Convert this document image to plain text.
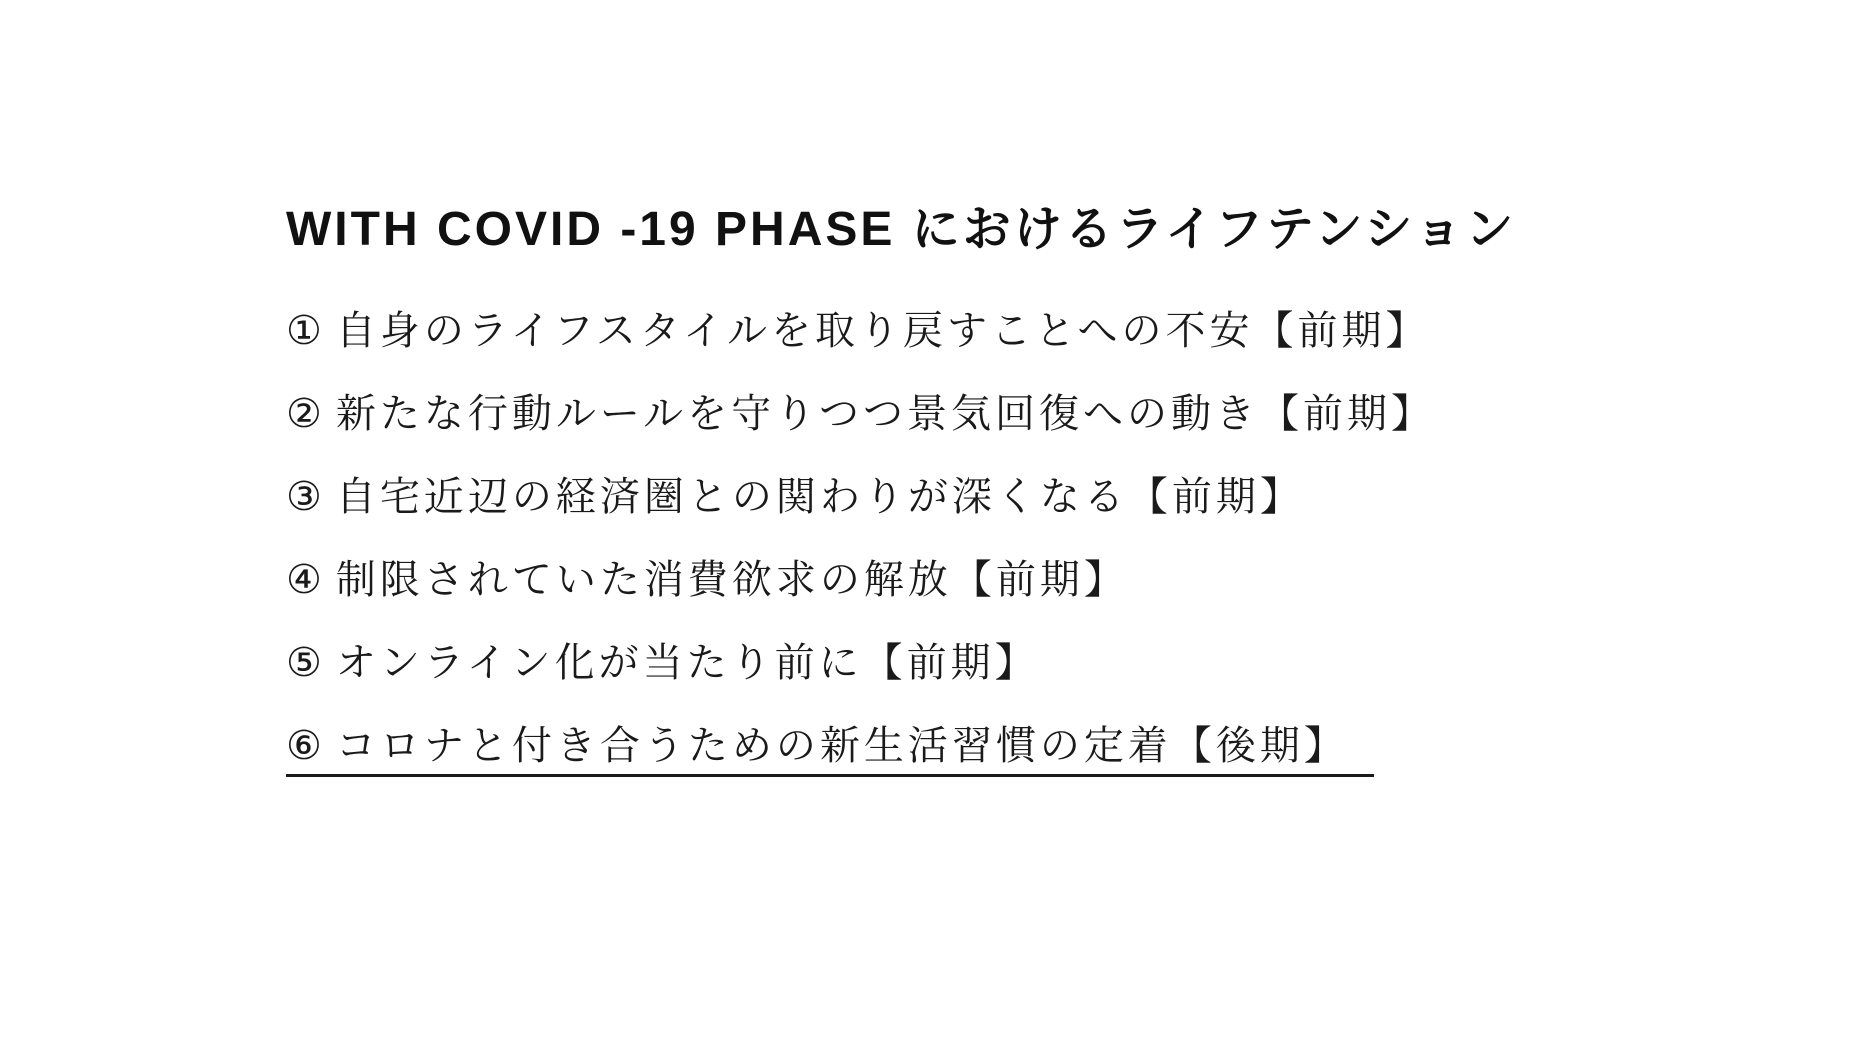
WITH COVID -19 PHASE におけるライフテンション
① 自身のライフスタイルを取り戻すことへの不安【前期】
② 新たな行動ルールを守りつつ景気回復への動き【前期】
③ 自宅近辺の経済圏との関わりが深くなる【前期】
④ 制限されていた消費欲求の解放【前期】
⑤ オンライン化が当たり前に【前期】
⑥ コロナと付き合うための新生活習慣の定着【後期】
